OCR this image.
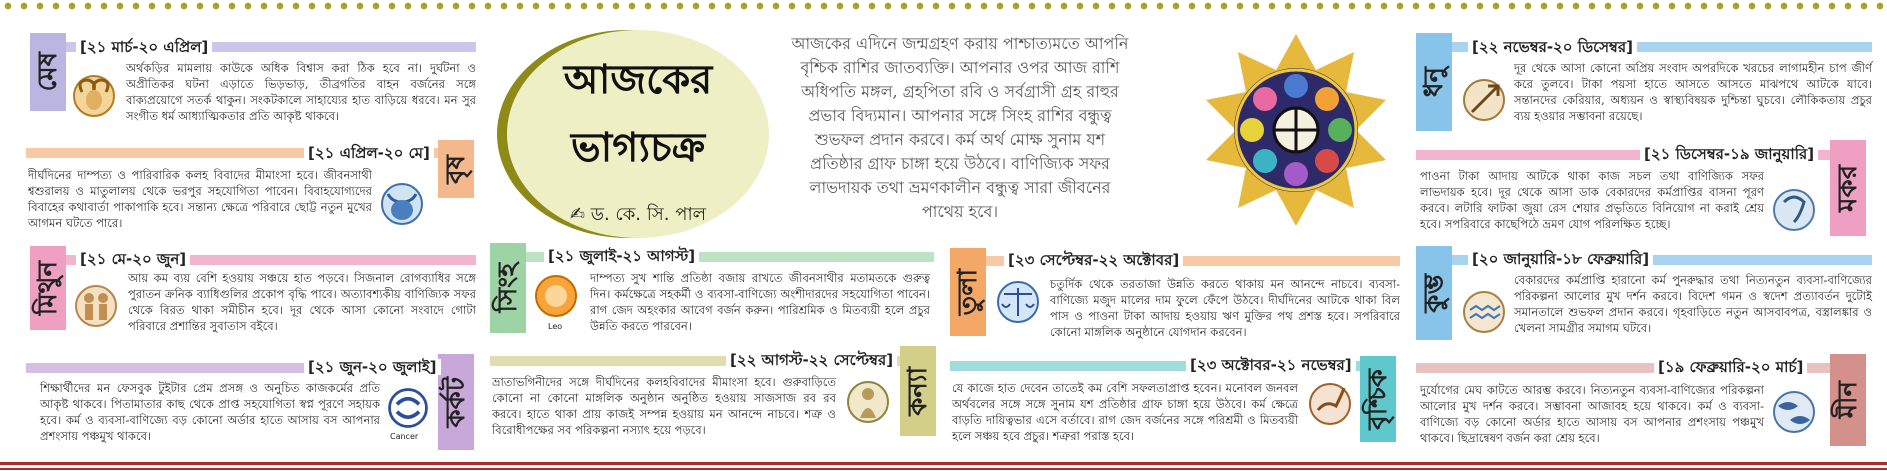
মেষ
[২১ মার্চ-২০ এপ্রিল]
অর্থকড়ির মামলায় কাউকে অধিক বিশ্বাস করা ঠিক হবে না। দুর্ঘটনা ও অপ্রীতিকর ঘটনা এড়াতে ভিড়ভাড়, তীব্রগতির বাহন বর্জনের সঙ্গে বাক্যপ্রয়োগে সতর্ক থাকুন। সংকটকালে সাহায্যের হাত বাড়িয়ে ধরবে। মন সুর সংগীত ধর্ম আধ্যাত্মিকতার প্রতি আকৃষ্ট থাকবে।
বৃষ
[২১ এপ্রিল-২০ মে]
দীর্ঘদিনের দাম্পত্য ও পারিবারিক কলহ বিবাদের মীমাংসা হবে। জীবনসাথী শ্বশুরালয় ও মাতুলালয় থেকে ভরপুর সহযোগিতা পাবেন। বিবাহযোগ্যদের বিবাহের কথাবার্তা পাকাপাকি হবে। সন্তান্য ক্ষেত্রে পরিবারে ছোট্ট নতুন মুখের আগমন ঘটতে পারে।
মিথুন
[২১ মে-২০ জুন]
আয় কম ব্যয় বেশি হওয়ায় সঞ্চয়ে হাত পড়বে। সিজনাল রোগব্যাধির সঙ্গে পুরাতন ক্রনিক ব্যাধিগুলির প্রকোপ বৃদ্ধি পাবে। অত্যাবশ্যকীয় বাণিজ্যিক সফর থেকে বিরত থাকা সমীচীন হবে। দূর থেকে আসা কোনো সংবাদে গোটা পরিবারে প্রশান্তির সুবাতাস বইবে।
কর্কট
[২১ জুন-২০ জুলাই]
Cancer
শিক্ষার্থীদের মন ফেসবুক টুইটার প্রেম প্রসঙ্গ ও অনুচিত কাজকর্মের প্রতি আকৃষ্ট থাকবে। পিতামাতার কাছ থেকে প্রাপ্ত সহযোগিতা স্বপ্ন পূরণে সহায়ক হবে। কর্ম ও ব্যবসা-বাণিজ্যে বড় কোনো অর্ডার হাতে আসায় বস আপনার প্রশংসায় পঞ্চমুখ থাকবে।
সিংহ
[২১ জুলাই-২১ আগস্ট]
Leo
দাম্পত্য সুখ শান্তি প্রতিষ্ঠা বজায় রাখতে জীবনসাথীর মতামতকে গুরুত্ব দিন। কর্মক্ষেত্রে সহকর্মী ও ব্যবসা-বাণিজ্যে অংশীদারদের সহযোগিতা পাবেন। রাগ জেদ অহংকার আবেগ বর্জন করুন। পারিশ্রমিক ও মিতব্যয়ী হলে প্রচুর উন্নতি করতে পারবেন।
কন্যা
[২২ আগস্ট-২২ সেপ্টেম্বর]
ভ্রাতাভগিনীদের সঙ্গে দীর্ঘদিনের কলহবিবাদের মীমাংসা হবে। গুরুবাড়িতে কোনো না কোনো মাঙ্গলিক অনুষ্ঠান অনুষ্ঠিত হওয়ায় সাজসাজ রব রব করবে। হাতে থাকা প্রায় কাজই সম্পন্ন হওয়ায় মন আনন্দে নাচবে। শত্রু ও বিরোধীপক্ষের সব পরিকল্পনা নস্যাৎ হয়ে পড়বে।
তুলা
[২৩ সেপ্টেম্বর-২২ অক্টোবর]
চতুর্দিক থেকে তরতাজা উন্নতি করতে থাকায় মন আনন্দে নাচবে। ব্যবসা-বাণিজ্যে মজুদ মালের দাম ফুলে ফেঁপে উঠবে। দীর্ঘদিনের আটকে থাকা বিল পাস ও পাওনা টাকা আদায় হওয়ায় ঋণ মুক্তির পথ প্রশস্ত হবে। সপরিবারে কোনো মাঙ্গলিক অনুষ্ঠানে যোগদান করবেন।
বৃশ্চিক
[২৩ অক্টোবর-২১ নভেম্বর]
যে কাজে হাত দেবেন তাতেই কম বেশি সফলতাপ্রাপ্ত হবেন। মনোবল জনবল অর্থবলের সঙ্গে সঙ্গে সুনাম যশ প্রতিষ্ঠার গ্রাফ চাঙ্গা হয়ে উঠবে। কর্ম ক্ষেত্রে বাড়তি দায়িত্বভার এসে বর্তাবে। রাগ জেদ বর্জনের সঙ্গে পরিশ্রমী ও মিতব্যয়ী হলে সঞ্চয় হবে প্রচুর। শত্রুরা পরাস্ত হবে।
ধনু
[২২ নভেম্বর-২০ ডিসেম্বর]
দূর থেকে আসা কোনো অপ্রিয় সংবাদ অপরদিকে খরচের লাগামহীন চাপ জীর্ণ করে তুলবে। টাকা পয়সা হাতে আসতে আসতে মাঝপথে আটকে যাবে। সন্তানদের কেরিয়ার, অধ্যয়ন ও স্বাস্থ্যবিষয়ক দুশ্চিন্তা ঘুচবে। লৌকিকতায় প্রচুর ব্যয় হওয়ার সম্ভাবনা রয়েছে।
মকর
[২১ ডিসেম্বর-১৯ জানুয়ারি]
পাওনা টাকা আদায় আটকে থাকা কাজ সচল তথা বাণিজ্যিক সফর লাভদায়ক হবে। দূর থেকে আসা ডাক বেকারদের কর্মপ্রাপ্তির বাসনা পূরণ করবে। লটারি ফাটকা জুয়া রেস শেয়ার প্রভৃতিতে বিনিয়োগ না করাই শ্রেয় হবে। সপরিবারে কাছেপিঠে ভ্রমণ যোগ পরিলক্ষিত হচ্ছে।
কুম্ভ
[২০ জানুয়ারি-১৮ ফেব্রুয়ারি]
বেকারদের কর্মপ্রাপ্তি হারানো কর্ম পুনরুদ্ধার তথা নিত্যনতুন ব্যবসা-বাণিজ্যের পরিকল্পনা আলোর মুখ দর্শন করবে। বিদেশ গমন ও স্বদেশ প্রত্যাবর্তন দুটোই সমানতালে শুভফল প্রদান করবে। গৃহবাড়িতে নতুন আসবাবপত্র, বস্ত্রালঙ্কার ও খেলনা সামগ্রীর সমাগম ঘটবে।
মীন
[১৯ ফেব্রুয়ারি-২০ মার্চ]
দুর্যোগের মেঘ কাটতে আরম্ভ করবে। নিত্যনতুন ব্যবসা-বাণিজ্যের পরিকল্পনা আলোর মুখ দর্শন করবে। সম্ভাবনা আজাবহ হয়ে থাকবে। কর্ম ও ব্যবসা-বাণিজ্যে বড় কোনো অর্ডার হাতে আসায় বস আপনার প্রশংসায় পঞ্চমুখ থাকবে। ছিদ্রান্বেষণ বর্জন করা শ্রেয় হবে।
আজকের
ভাগ্যচক্র
✍ ড. কে. সি. পাল
আজকের এদিনে জন্মগ্রহণ করায় পাশ্চাত্যমতে আপনি বৃশ্চিক রাশির জাতব্যক্তি। আপনার ওপর আজ রাশি অধিপতি মঙ্গল, গ্রহপিতা রবি ও সর্বগ্রাসী গ্রহ রাহুর প্রভাব বিদ্যমান। আপনার সঙ্গে সিংহ রাশির বন্ধুত্ব শুভফল প্রদান করবে। কর্ম অর্থ মোক্ষ সুনাম যশ প্রতিষ্ঠার গ্রাফ চাঙ্গা হয়ে উঠবে। বাণিজ্যিক সফর লাভদায়ক তথা ভ্রমণকালীন বন্ধুত্ব সারা জীবনের পাথেয় হবে।
